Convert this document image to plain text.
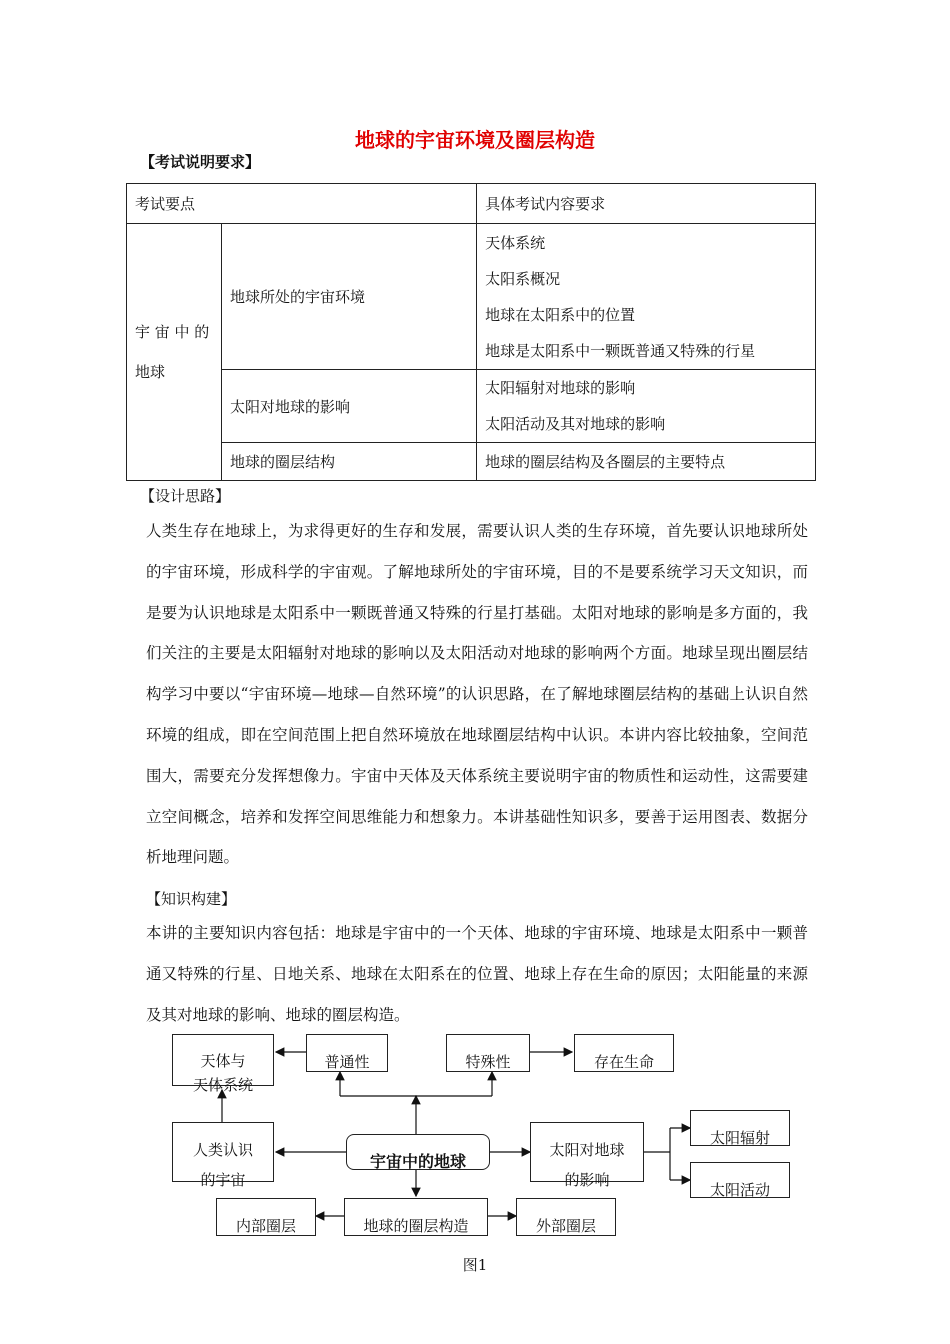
地球的宇宙环境及圈层构造
【考试说明要求】
考试要点		具体考试内容要求
宇 宙 中 的 地球	地球所处的宇宙环境	天体系统
太阳系概况
地球在太阳系中的位置
地球是太阳系中一颗既普通又特殊的行星

	太阳对地球的影响	太阳辐射对地球的影响
太阳活动及其对地球的影响

	地球的圈层结构	地球的圈层结构及各圈层的主要特点
【设计思路】

人类生存在地球上，为求得更好的生存和发展，需要认识人类的生存环境，首先要认识地球所处的宇宙环境，形成科学的宇宙观。了解地球所处的宇宙环境，目的不是要系统学习天文知识，而是要为认识地球是太阳系中一颗既普通又特殊的行星打基础。太阳对地球的影响是多方面的，我们关注的主要是太阳辐射对地球的影响以及太阳活动对地球的影响两个方面。地球呈现出圈层结构学习中要以“宇宙环境—地球—自然环境”的认识思路，在了解地球圈层结构的基础上认识自然环境的组成，即在空间范围上把自然环境放在地球圈层结构中认识。本讲内容比较抽象，空间范围大，需要充分发挥想像力。宇宙中天体及天体系统主要说明宇宙的物质性和运动性，这需要建立空间概念，培养和发挥空间思维能力和想象力。本讲基础性知识多，要善于运用图表、数据分析地理问题。

【知识构建】

本讲的主要知识内容包括：地球是宇宙中的一个天体、地球的宇宙环境、地球是太阳系中一颗普通又特殊的行星、日地关系、地球在太阳系在的位置、地球上存在生命的原因；太阳能量的来源及其对地球的影响、地球的圈层构造。

天体与
天体系统
普通性	特殊性	存在生命
人类认识
的宇宙
宇宙中的地球
太阳对地球
的影响
太阳辐射
太阳活动
内部圈层	地球的圈层构造	外部圈层
图1
